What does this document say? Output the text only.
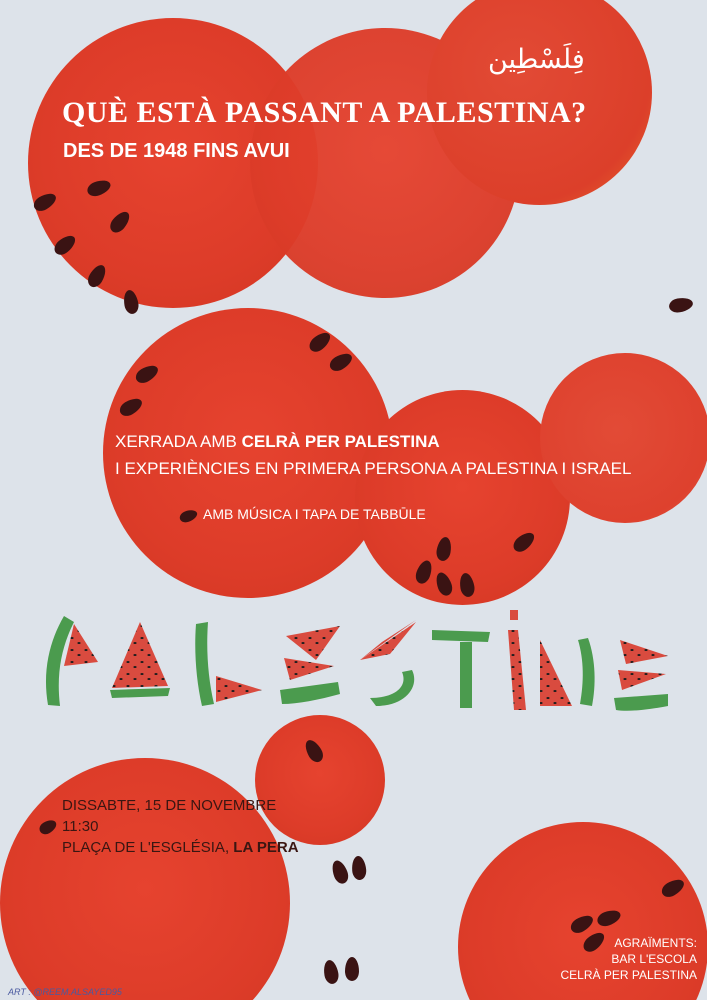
فِلَسْطِين
QUÈ ESTÀ PASSANT A PALESTINA?
DES DE 1948 FINS AVUI
XERRADA AMB CELRÀ PER PALESTINA
I EXPERIÈNCIES EN PRIMERA PERSONA A PALESTINA I ISRAEL
AMB MÚSICA I TAPA DE TABBŪLE
DISSABTE, 15 DE NOVEMBRE
11:30
PLAÇA DE L'ESGLÉSIA, LA PERA
AGRAÏMENTS:
BAR L'ESCOLA
CELRÀ PER PALESTINA
ART : @REEM.ALSAYED95
